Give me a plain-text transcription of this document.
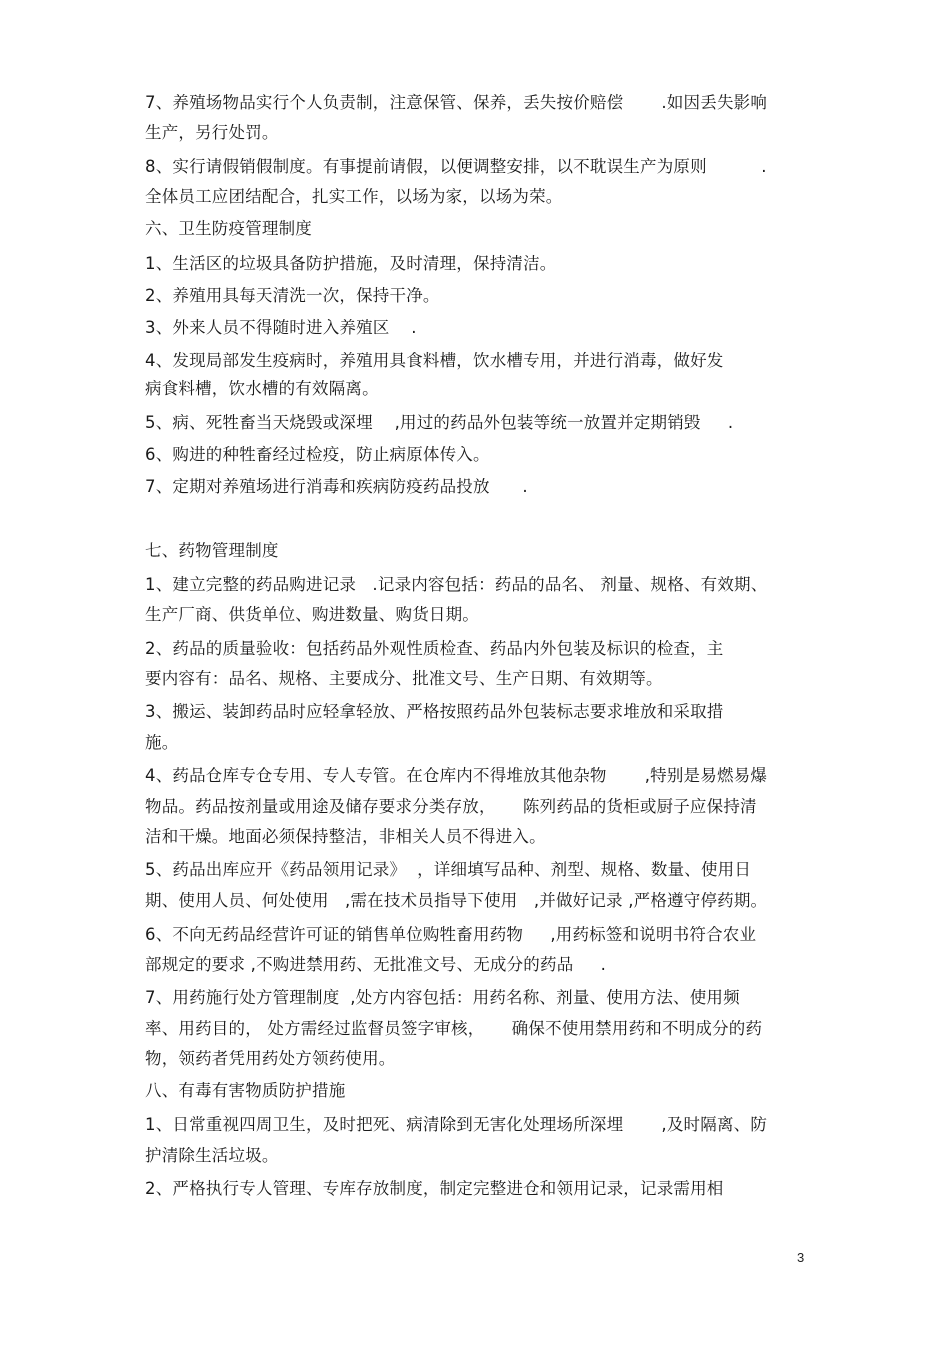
7、养殖场物品实行个人负责制，注意保管、保养，丢失按价赔偿       .如因丢失影响
生产，另行处罚。
8、实行请假销假制度。有事提前请假，以便调整安排，以不耽误生产为原则          .
全体员工应团结配合，扎实工作，以场为家，以场为荣。
六、卫生防疫管理制度
1、生活区的垃圾具备防护措施，及时清理，保持清洁。
2、养殖用具每天清洗一次，保持干净。
3、外来人员不得随时进入养殖区    .
4、发现局部发生疫病时，养殖用具食料槽，饮水槽专用，并进行消毒，做好发
病食料槽，饮水槽的有效隔离。
5、病、死牲畜当天烧毁或深埋    ,用过的药品外包装等统一放置并定期销毁     .
6、购进的种牲畜经过检疫，防止病原体传入。
7、定期对养殖场进行消毒和疾病防疫药品投放      .
七、药物管理制度
1、建立完整的药品购进记录   .记录内容包括：药品的品名、 剂量、规格、有效期、
生产厂商、供货单位、购进数量、购货日期。
2、药品的质量验收：包括药品外观性质检查、药品内外包装及标识的检查，主
要内容有：品名、规格、主要成分、批准文号、生产日期、有效期等。
3、搬运、装卸药品时应轻拿轻放、严格按照药品外包装标志要求堆放和采取措
施。
4、药品仓库专仓专用、专人专管。在仓库内不得堆放其他杂物       ,特别是易燃易爆
物品。药品按剂量或用途及储存要求分类存放，     陈列药品的货柜或厨子应保持清
洁和干燥。地面必须保持整洁，非相关人员不得进入。
5、药品出库应开《药品领用记录》  ，详细填写品种、剂型、规格、数量、使用日
期、使用人员、何处使用   ,需在技术员指导下使用   ,并做好记录 ,严格遵守停药期。
6、不向无药品经营许可证的销售单位购牲畜用药物     ,用药标签和说明书符合农业
部规定的要求 ,不购进禁用药、无批准文号、无成分的药品     .
7、用药施行处方管理制度  ,处方内容包括：用药名称、剂量、使用方法、使用频
率、用药目的， 处方需经过监督员签字审核，     确保不使用禁用药和不明成分的药
物，领药者凭用药处方领药使用。
八、有毒有害物质防护措施
1、日常重视四周卫生，及时把死、病清除到无害化处理场所深埋       ,及时隔离、防
护清除生活垃圾。
2、严格执行专人管理、专库存放制度，制定完整进仓和领用记录，记录需用相
3
